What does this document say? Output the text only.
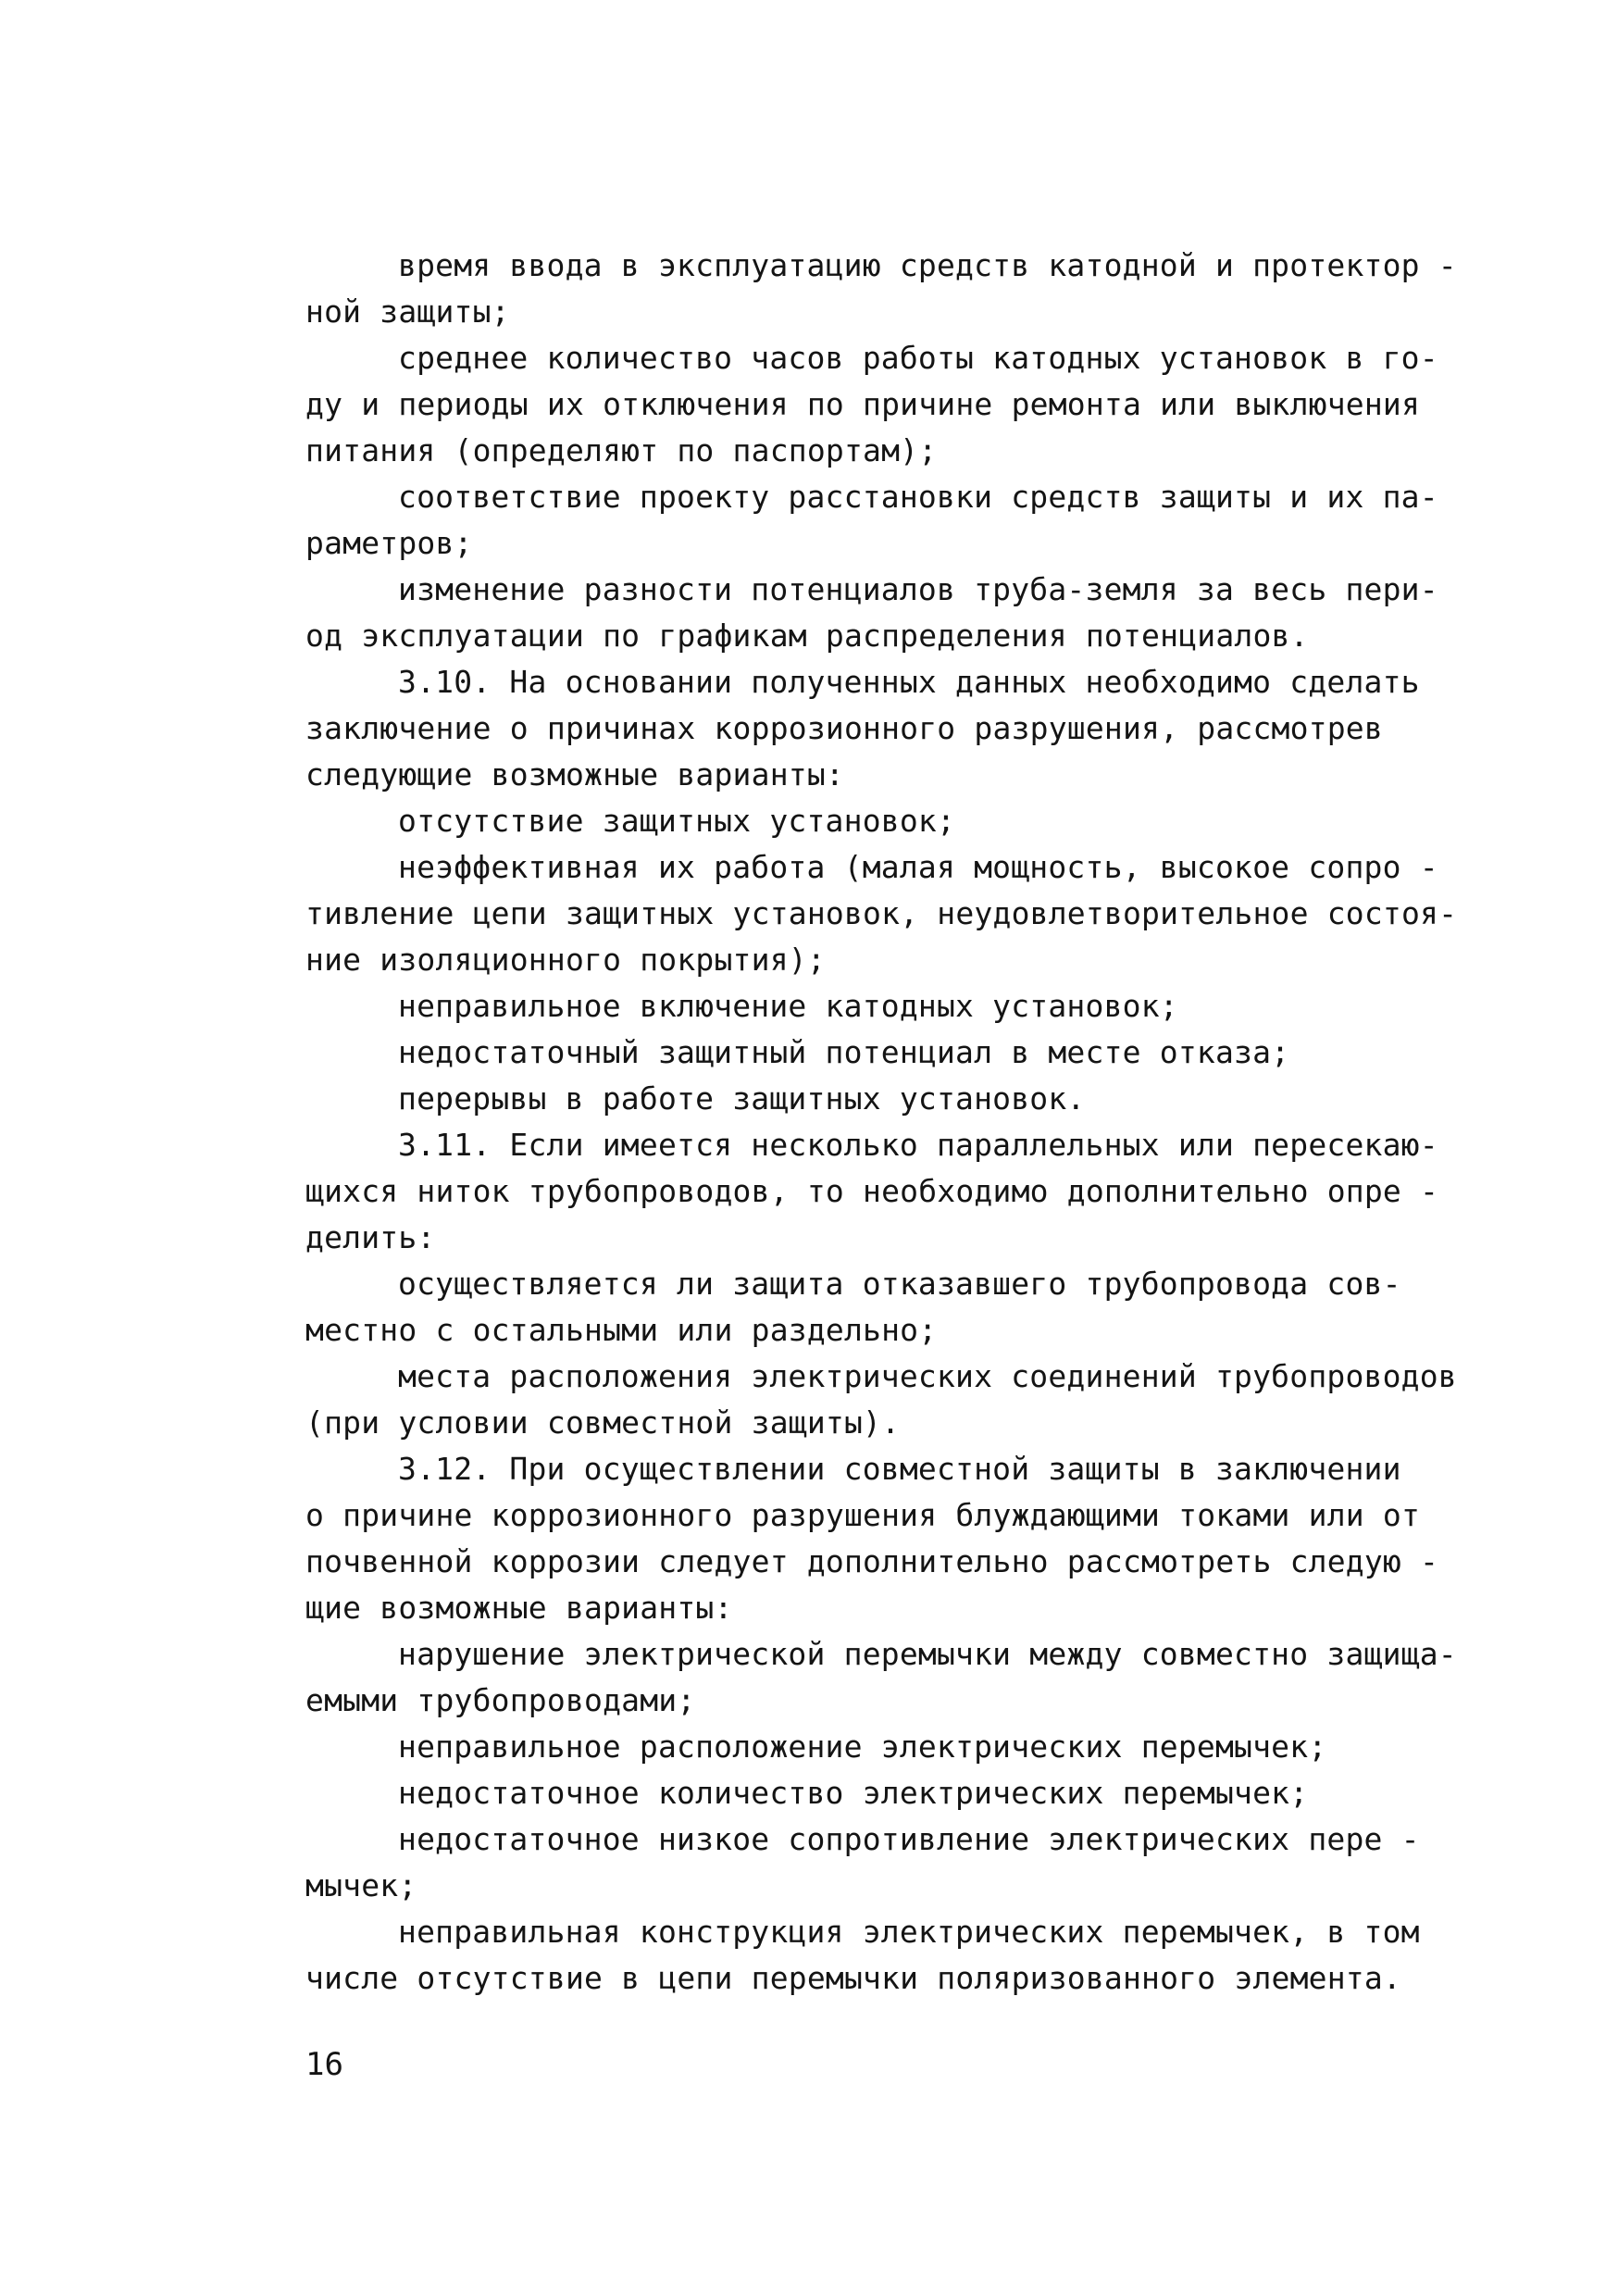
время ввода в эксплуатацию средств катодной и протектор -
ной защиты;
среднее количество часов работы катодных установок в го-
ду и периоды их отключения по причине ремонта или выключения
питания (определяют по паспортам);
соответствие проекту расстановки средств защиты и их па-
раметров;
изменение разности потенциалов труба-земля за весь пери-
од эксплуатации по графикам распределения потенциалов.
3.10. На основании полученных данных необходимо сделать
заключение о причинах коррозионного разрушения, рассмотрев
следующие возможные варианты:
отсутствие защитных установок;
неэффективная их работа (малая мощность, высокое сопро -
тивление цепи защитных установок, неудовлетворительное состоя-
ние изоляционного покрытия);
неправильное включение катодных установок;
недостаточный защитный потенциал в месте отказа;
перерывы в работе защитных установок.
3.11. Если имеется несколько параллельных или пересекаю-
щихся ниток трубопроводов, то необходимо дополнительно опре -
делить:
осуществляется ли защита отказавшего трубопровода сов-
местно с остальными или раздельно;
места расположения электрических соединений трубопроводов
(при условии совместной защиты).
3.12. При осуществлении совместной защиты в заключении
о причине коррозионного разрушения блуждающими токами или от
почвенной коррозии следует дополнительно рассмотреть следую -
щие возможные варианты:
нарушение электрической перемычки между совместно защища-
емыми трубопроводами;
неправильное расположение электрических перемычек;
недостаточное количество электрических перемычек;
недостаточное низкое сопротивление электрических пере -
мычек;
неправильная конструкция электрических перемычек, в том
числе отсутствие в цепи перемычки поляризованного элемента.
16
